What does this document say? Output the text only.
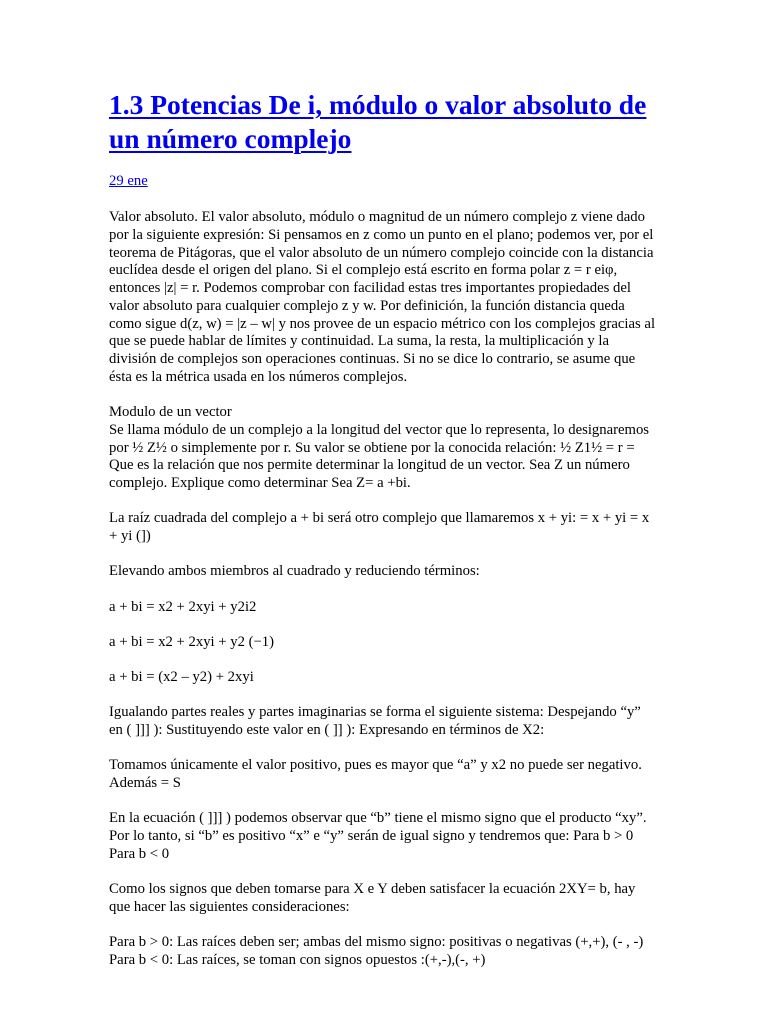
1.3 Potencias De i, módulo o valor absoluto de un número complejo
29 ene

Valor absoluto. El valor absoluto, módulo o magnitud de un número complejo z viene dado por la siguiente expresión: Si pensamos en z como un punto en el plano; podemos ver, por el teorema de Pitágoras, que el valor absoluto de un número complejo coincide con la distancia euclídea desde el origen del plano. Si el complejo está escrito en forma polar z = r eiφ, entonces |z| = r. Podemos comprobar con facilidad estas tres importantes propiedades del valor absoluto para cualquier complejo z y w. Por definición, la función distancia queda como sigue d(z, w) = |z – w| y nos provee de un espacio métrico con los complejos gracias al que se puede hablar de límites y continuidad. La suma, la resta, la multiplicación y la división de complejos son operaciones continuas. Si no se dice lo contrario, se asume que ésta es la métrica usada en los números complejos.

Modulo de un vector
Se llama módulo de un complejo a la longitud del vector que lo representa, lo designaremos por ½ Z½ o simplemente por r. Su valor se obtiene por la conocida relación: ½ Z1½ = r = Que es la relación que nos permite determinar la longitud de un vector. Sea Z un número complejo. Explique como determinar Sea Z= a +bi.

La raíz cuadrada del complejo a + bi será otro complejo que llamaremos x + yi: = x + yi = x + yi (])

Elevando ambos miembros al cuadrado y reduciendo términos:

a + bi = x2 + 2xyi + y2i2

a + bi = x2 + 2xyi + y2 (−1)

a + bi = (x2 – y2) + 2xyi

Igualando partes reales y partes imaginarias se forma el siguiente sistema: Despejando “y” en ( ]]] ): Sustituyendo este valor en ( ]] ): Expresando en términos de X2:

Tomamos únicamente el valor positivo, pues es mayor que “a” y x2 no puede ser negativo. Además = S

En la ecuación ( ]]] ) podemos observar que “b” tiene el mismo signo que el producto “xy”. Por lo tanto, si “b” es positivo “x” e “y” serán de igual signo y tendremos que: Para b > 0 Para b < 0

Como los signos que deben tomarse para X e Y deben satisfacer la ecuación 2XY= b, hay que hacer las siguientes consideraciones:

Para b > 0: Las raíces deben ser; ambas del mismo signo: positivas o negativas (+,+), (- , -) Para b < 0: Las raíces, se toman con signos opuestos :(+,-),(-, +)
